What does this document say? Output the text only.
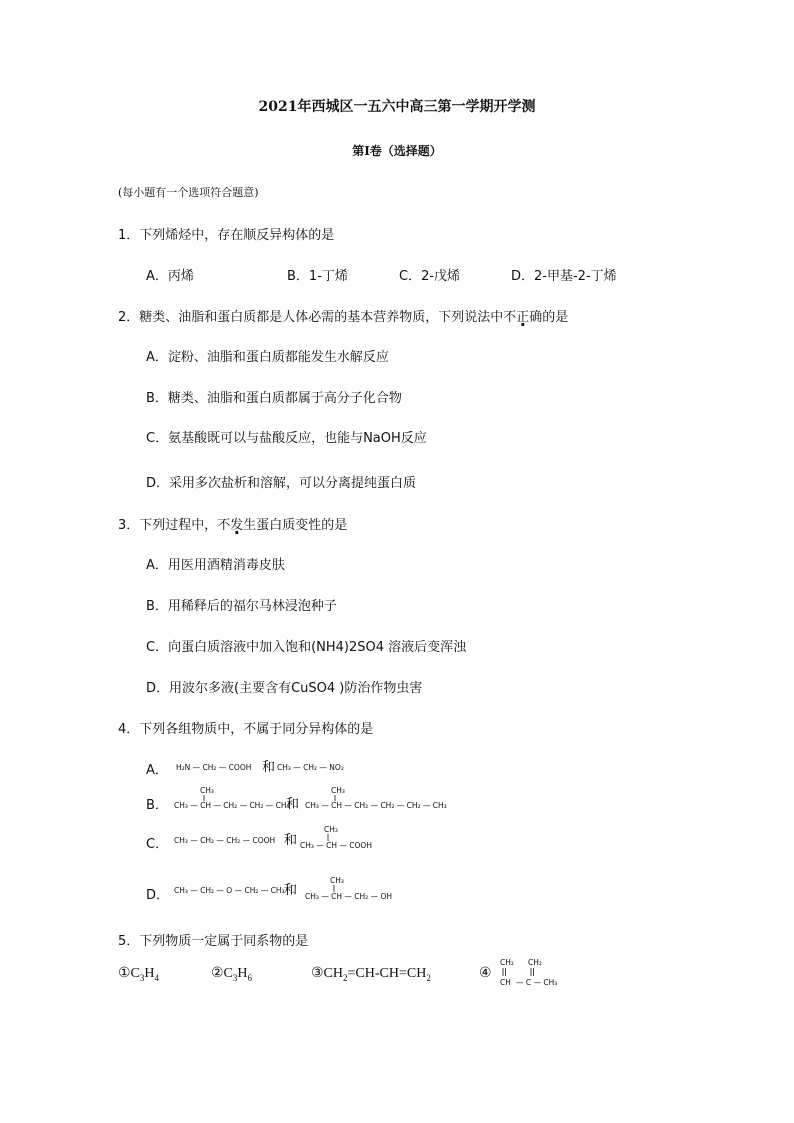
2021年西城区一五六中高三第一学期开学测
第Ⅰ卷（选择题）
(每小题有一个选项符合题意)
1．下列烯烃中，存在顺反异构体的是
A．丙烯	B．1-丁烯	C．2-戊烯	D．2-甲基-2-丁烯
2．糖类、油脂和蛋白质都是人体必需的基本营养物质，下列说法中不正确的是
A．淀粉、油脂和蛋白质都能发生水解反应
B．糖类、油脂和蛋白质都属于高分子化合物
C．氨基酸既可以与盐酸反应，也能与NaOH反应
D．采用多次盐析和溶解，可以分离提纯蛋白质
3．下列过程中，不发生蛋白质变性的是
A．用医用酒精消毒皮肤
B．用稀释后的福尔马林浸泡种子
C．向蛋白质溶液中加入饱和(NH4)2SO4 溶液后变浑浊
D．用波尔多液(主要含有CuSO4 )防治作物虫害
4．下列各组物质中，不属于同分异构体的是
A． H₂N — CH₂ — COOH 和 CH₃ — CH₂ — NO₂
B．
CH₃
CH₃ — CH — CH₂ — CH₂ — CH₃
和
CH₃
CH₃ — CH — CH₂ — CH₂ — CH₂ — CH₃
C． CH₃ — CH₂ — CH₂ — COOH 和
CH₃
CH₃ — CH — COOH
D． CH₃ — CH₂ — O — CH₂ — CH₃ 和
CH₃
CH₃ — CH — CH₂ — OH
5．下列物质一定属于同系物的是
$①C_3H_4$	$②C_3H_6$	$③CH_2=CH-CH=CH_2$	④
CH₂ CH₂
CH — C — CH₃
